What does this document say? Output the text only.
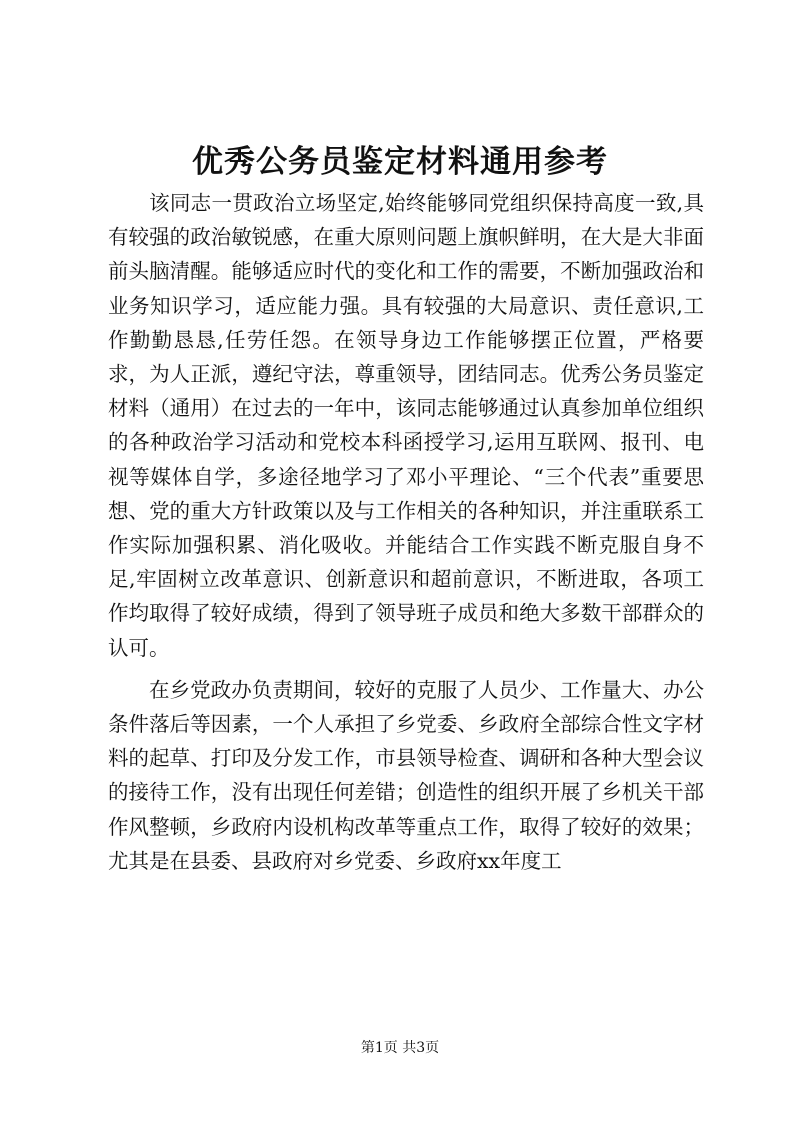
优秀公务员鉴定材料通用参考

该同志一贯政治立场坚定,始终能够同党组织保持高度一致,具有较强的政治敏锐感，在重大原则问题上旗帜鲜明，在大是大非面前头脑清醒。能够适应时代的变化和工作的需要，不断加强政治和业务知识学习，适应能力强。具有较强的大局意识、责任意识,工作勤勤恳恳,任劳任怨。在领导身边工作能够摆正位置，严格要求，为人正派，遵纪守法，尊重领导，团结同志。优秀公务员鉴定材料（通用）在过去的一年中，该同志能够通过认真参加单位组织的各种政治学习活动和党校本科函授学习,运用互联网、报刊、电视等媒体自学，多途径地学习了邓小平理论、“三个代表”重要思想、党的重大方针政策以及与工作相关的各种知识，并注重联系工作实际加强积累、消化吸收。并能结合工作实践不断克服自身不足,牢固树立改革意识、创新意识和超前意识，不断进取，各项工作均取得了较好成绩，得到了领导班子成员和绝大多数干部群众的认可。

在乡党政办负责期间，较好的克服了人员少、工作量大、办公条件落后等因素，一个人承担了乡党委、乡政府全部综合性文字材料的起草、打印及分发工作，市县领导检查、调研和各种大型会议的接待工作，没有出现任何差错；创造性的组织开展了乡机关干部作风整顿，乡政府内设机构改革等重点工作，取得了较好的效果；尤其是在县委、县政府对乡党委、乡政府xx年度工

第1页 共3页
